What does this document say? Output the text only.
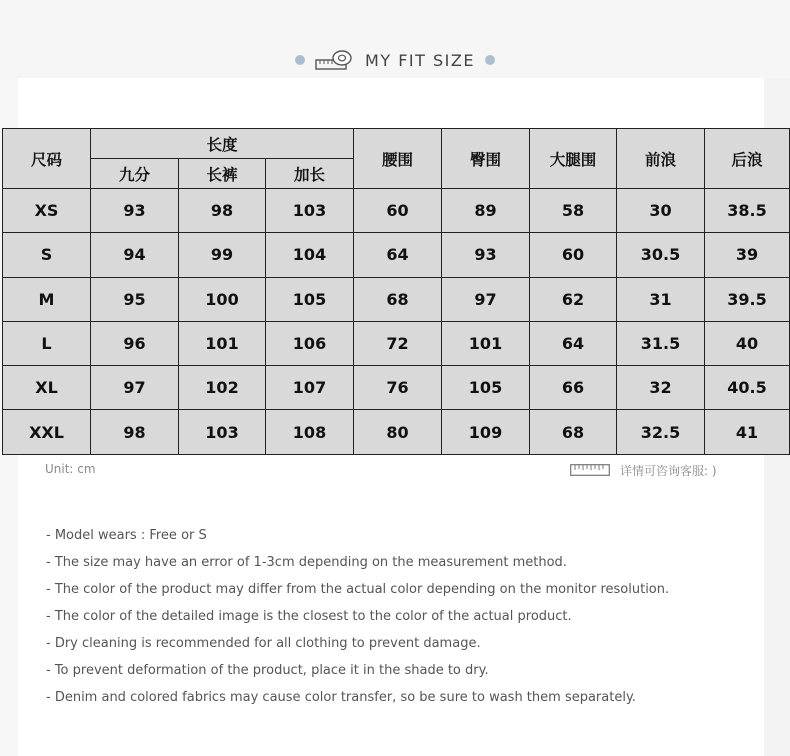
MY FIT SIZE
尺码	长度			腰围	臀围	大腿围	前浪	后浪
	九分	长裤	加长					
XS	93	98	103	60	89	58	30	38.5
S	94	99	104	64	93	60	30.5	39
M	95	100	105	68	97	62	31	39.5
L	96	101	106	72	101	64	31.5	40
XL	97	102	107	76	105	66	32	40.5
XXL	98	103	108	80	109	68	32.5	41
Unit: cm	详情可咨询客服: )
- Model wears : Free or S
- The size may have an error of 1-3cm depending on the measurement method.
- The color of the product may differ from the actual color depending on the monitor resolution.
- The color of the detailed image is the closest to the color of the actual product.
- Dry cleaning is recommended for all clothing to prevent damage.
- To prevent deformation of the product, place it in the shade to dry.
- Denim and colored fabrics may cause color transfer, so be sure to wash them separately.
